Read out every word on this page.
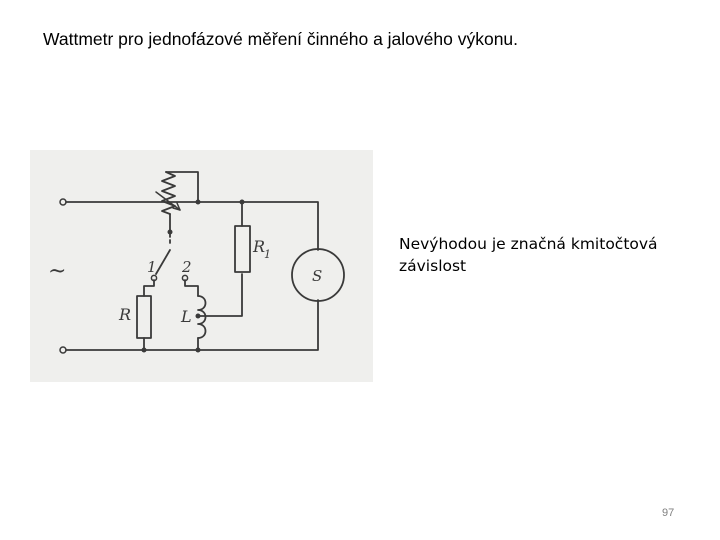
Wattmetr pro jednofázové měření činného a jalového výkonu.
~
R
1
1 2
R	L
S
Nevýhodou je značná kmitočtová závislost
97
